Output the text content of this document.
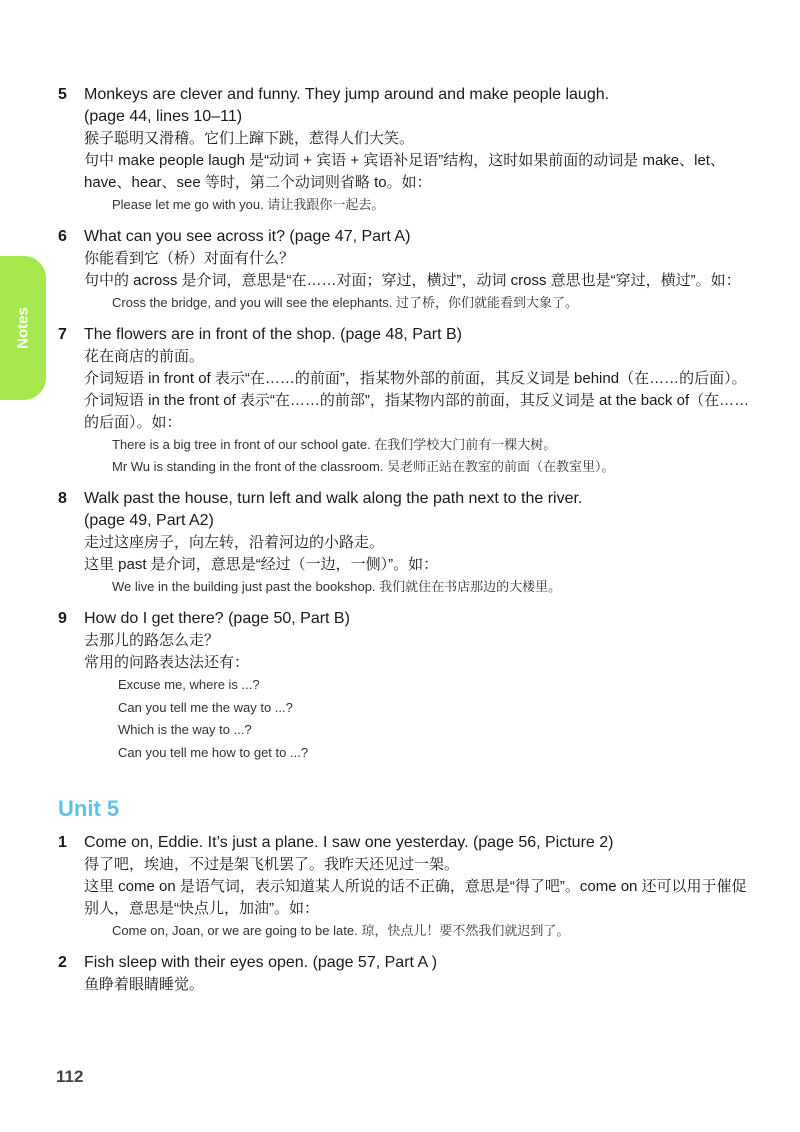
Notes
5 Monkeys are clever and funny. They jump around and make people laugh.
(page 44, lines 10–11)
猴子聪明又滑稽。它们上蹿下跳，惹得人们大笑。
句中 make people laugh 是“动词 + 宾语 + 宾语补足语”结构，这时如果前面的动词是 make、let、have、hear、see 等时，第二个动词则省略 to。如：
Please let me go with you. 请让我跟你一起去。
6 What can you see across it? (page 47, Part A)
你能看到它（桥）对面有什么？
句中的 across 是介词，意思是“在……对面；穿过，横过”，动词 cross 意思也是“穿过，横过”。如：
Cross the bridge, and you will see the elephants. 过了桥，你们就能看到大象了。
7 The flowers are in front of the shop. (page 48, Part B)
花在商店的前面。
介词短语 in front of 表示“在……的前面”，指某物外部的前面，其反义词是 behind（在……的后面）。
介词短语 in the front of 表示“在……的前部”，指某物内部的前面，其反义词是 at the back of（在……的后面）。如：
There is a big tree in front of our school gate. 在我们学校大门前有一棵大树。
Mr Wu is standing in the front of the classroom. 吴老师正站在教室的前面（在教室里）。
8 Walk past the house, turn left and walk along the path next to the river.
(page 49, Part A2)
走过这座房子，向左转，沿着河边的小路走。
这里 past 是介词，意思是“经过（一边，一侧）”。如：
We live in the building just past the bookshop. 我们就住在书店那边的大楼里。
9 How do I get there? (page 50, Part B)
去那儿的路怎么走？
常用的问路表达法还有：
Excuse me, where is ...?
Can you tell me the way to ...?
Which is the way to ...?
Can you tell me how to get to ...?
Unit 5
1 Come on, Eddie. It’s just a plane. I saw one yesterday. (page 56, Picture 2)
得了吧，埃迪，不过是架飞机罢了。我昨天还见过一架。
这里 come on 是语气词，表示知道某人所说的话不正确，意思是“得了吧”。come on 还可以用于催促别人，意思是“快点儿，加油”。如：
Come on, Joan, or we are going to be late. 琼，快点儿！要不然我们就迟到了。
2 Fish sleep with their eyes open. (page 57, Part A )
鱼睁着眼睛睡觉。
112
